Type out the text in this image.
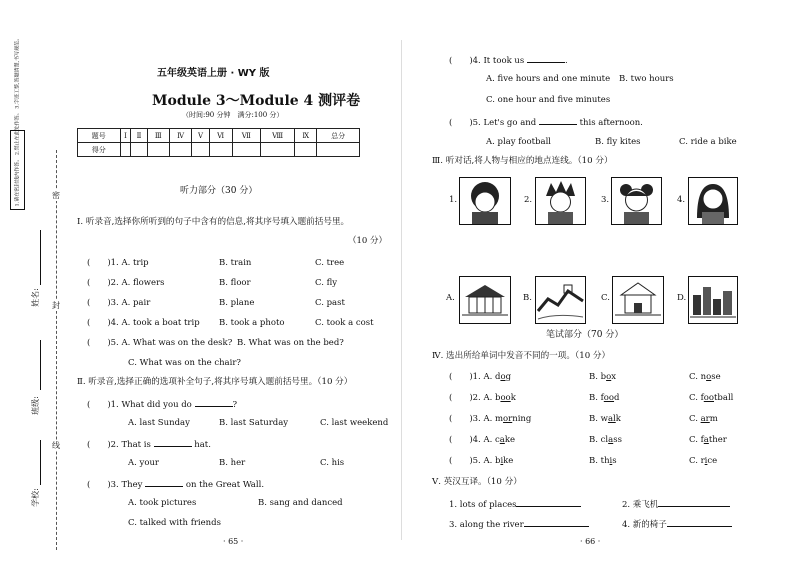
1.请在密封线内作答。 2.禁止在此处作答。 3.字迹工整,答题清楚,书写规范。	密
封
线
姓名:
班级:
学校:
五年级英语上册 · WY 版
Module 3～Module 4 测评卷
（时间:90 分钟　满分:100 分）
题号	Ⅰ	Ⅱ	Ⅲ	Ⅳ	Ⅴ	Ⅵ	Ⅶ	Ⅷ	Ⅸ	总分
得分										
听力部分（30 分）
Ⅰ. 听录音,选择你所听到的句子中含有的信息,将其序号填入题前括号里。
（10 分）
(　　)1. A. trip	B. train	C. tree
(　　)2. A. flowers	B. floor	C. fly
(　　)3. A. pair	B. plane	C. past
(　　)4. A. took a boat trip B. took a photo	C. took a cost
(　　)5. A. What was on the desk? B. What was on the bed?
C. What was on the chair?
Ⅱ. 听录音,选择正确的选项补全句子,将其序号填入题前括号里。（10 分）
(　　)1. What did you do	?
A. last Sunday	B. last Saturday	C. last weekend
(　　)2. That is	hat.
A. your	B. her	C. his
(　　)3. They	on the Great Wall.
A. took pictures	B. sang and danced
C. talked with friends
· 65 ·
(　　)4. It took us	.
A. five hours and one minute B. two hours
C. one hour and five minutes
(　　)5. Let's go and	this afternoon.
A. play football	B. fly kites	C. ride a bike
Ⅲ. 听对话,将人物与相应的地点连线。（10 分）
1.	2.	3.	4.
A.	B.	C.	D.
笔试部分（70 分）
Ⅳ. 选出所给单词中发音不同的一项。（10 分）
(　　)1. A. dog	B. box	C. nose
(　　)2. A. book	B. food	C. football
(　　)3. A. morning	B. walk	C. arm
(　　)4. A. cake	B. class	C. father
(　　)5. A. bike	B. this	C. rice
Ⅴ. 英汉互译。（10 分）
1. lots of places	2. 乘飞机
3. along the river	4. 新的椅子
· 66 ·
